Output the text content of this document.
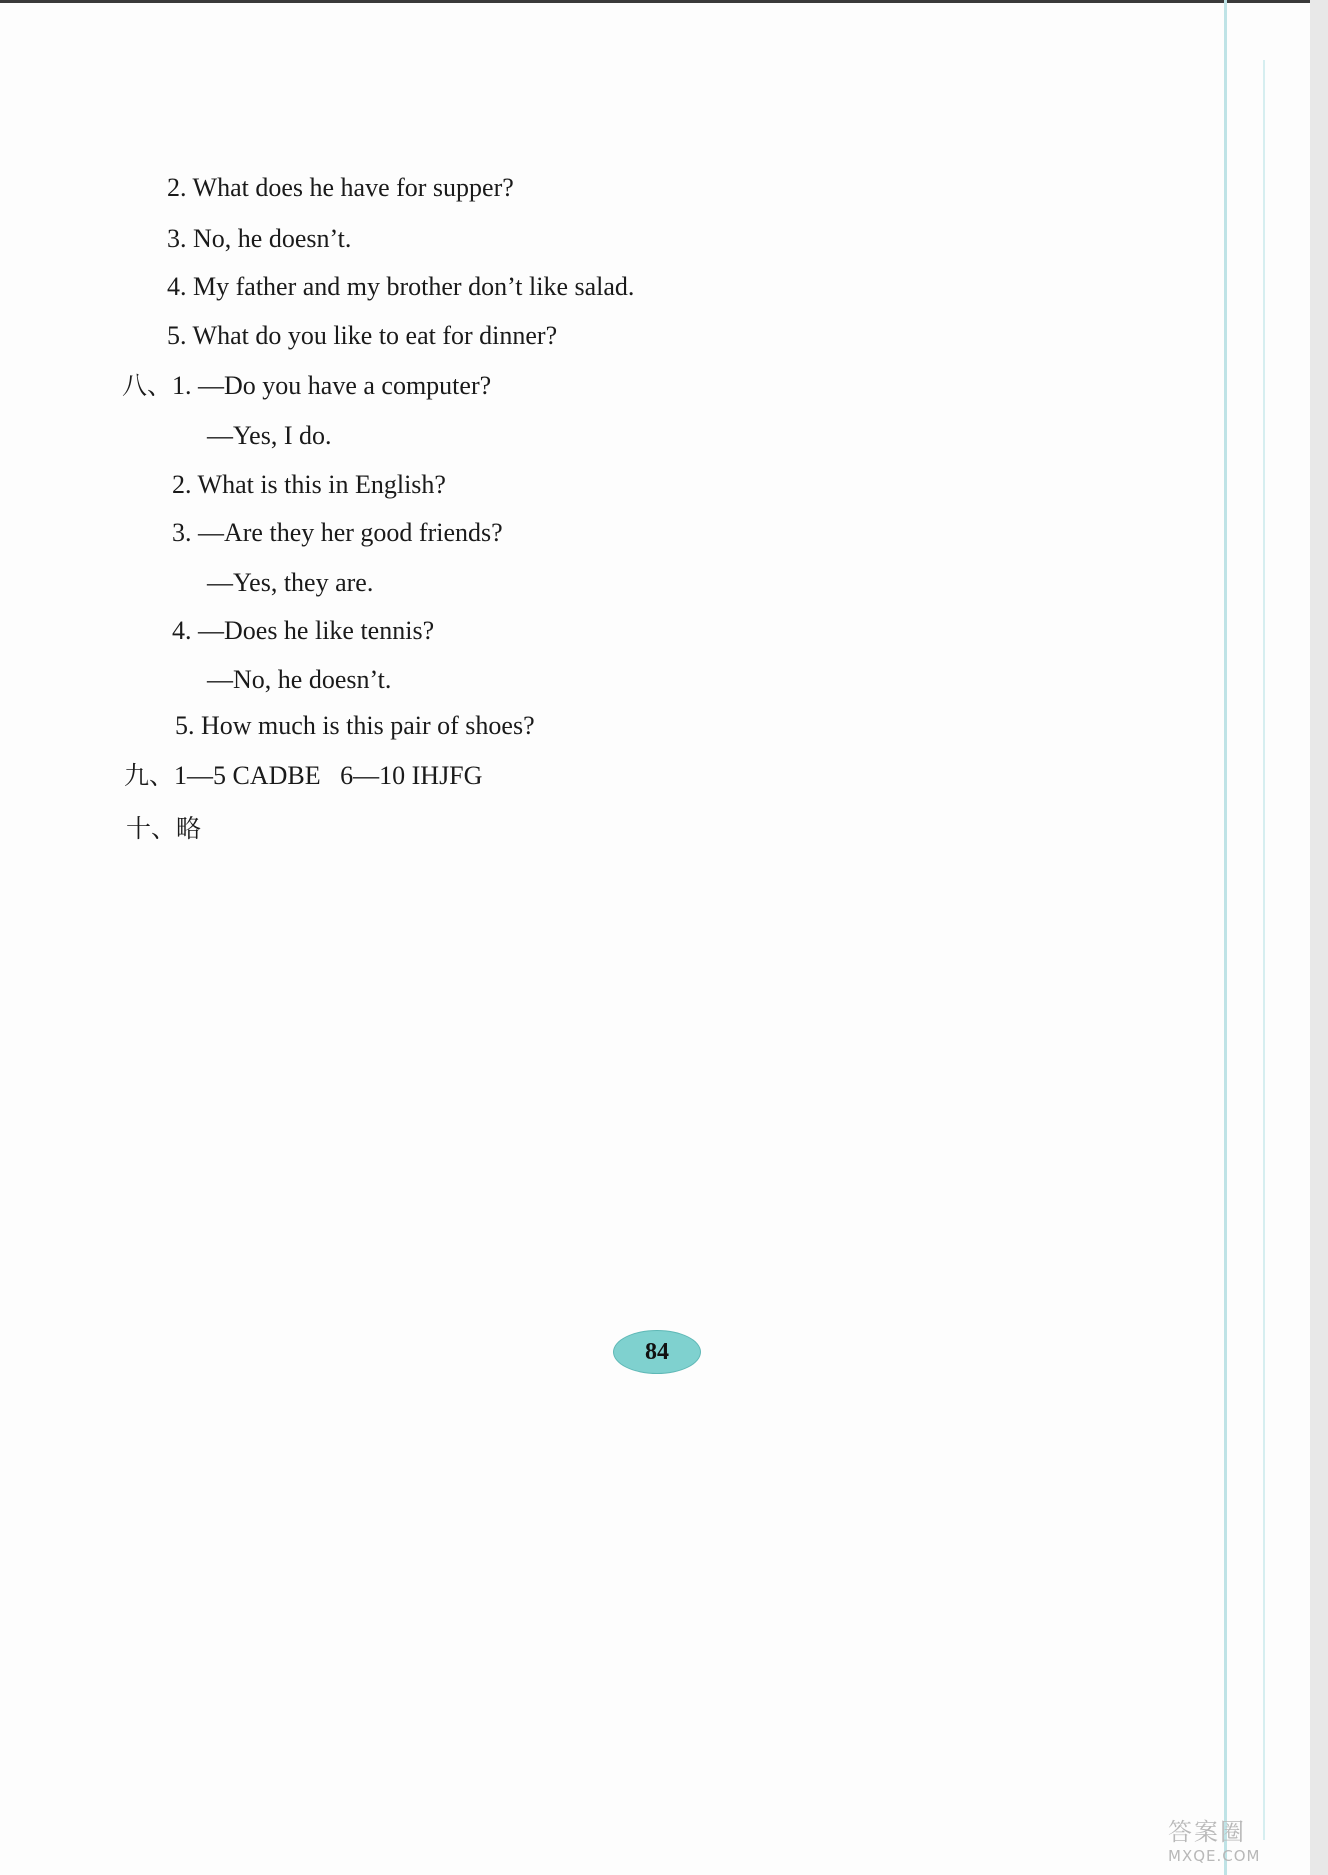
2. What does he have for supper?
3. No, he doesn’t.
4. My father and my brother don’t like salad.
5. What do you like to eat for dinner?
八、1. —Do you have a computer?
—Yes, I do.
2. What is this in English?
3. —Are they her good friends?
—Yes, they are.
4. —Does he like tennis?
—No, he doesn’t.
5. How much is this pair of shoes?
九、1—5 CADBE   6—10 IHJFG
十、略
84
答案圈
MXQE.COM
